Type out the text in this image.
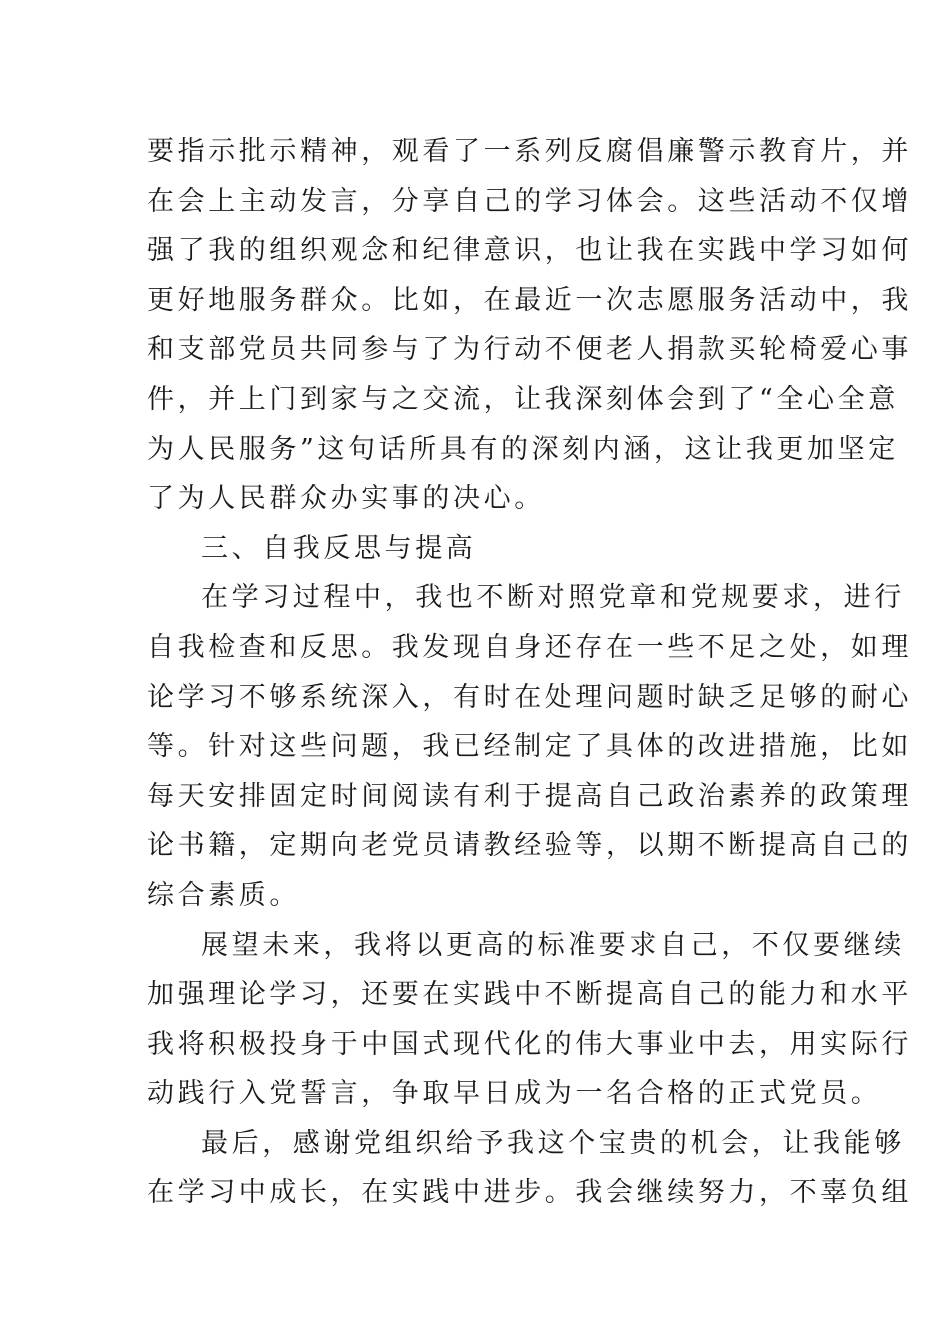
要指示批示精神，观看了一系列反腐倡廉警示教育片，并
在会上主动发言，分享自己的学习体会。这些活动不仅增
强了我的组织观念和纪律意识，也让我在实践中学习如何
更好地服务群众。比如，在最近一次志愿服务活动中，我
和支部党员共同参与了为行动不便老人捐款买轮椅爱心事
件，并上门到家与之交流，让我深刻体会到了“全心全意
为人民服务”这句话所具有的深刻内涵，这让我更加坚定
了为人民群众办实事的决心。
三、自我反思与提高
在学习过程中，我也不断对照党章和党规要求，进行
自我检查和反思。我发现自身还存在一些不足之处，如理
论学习不够系统深入，有时在处理问题时缺乏足够的耐心
等。针对这些问题，我已经制定了具体的改进措施，比如
每天安排固定时间阅读有利于提高自己政治素养的政策理
论书籍，定期向老党员请教经验等，以期不断提高自己的
综合素质。
展望未来，我将以更高的标准要求自己，不仅要继续
加强理论学习，还要在实践中不断提高自己的能力和水平
我将积极投身于中国式现代化的伟大事业中去，用实际行
动践行入党誓言，争取早日成为一名合格的正式党员。
最后，感谢党组织给予我这个宝贵的机会，让我能够
在学习中成长，在实践中进步。我会继续努力，不辜负组
